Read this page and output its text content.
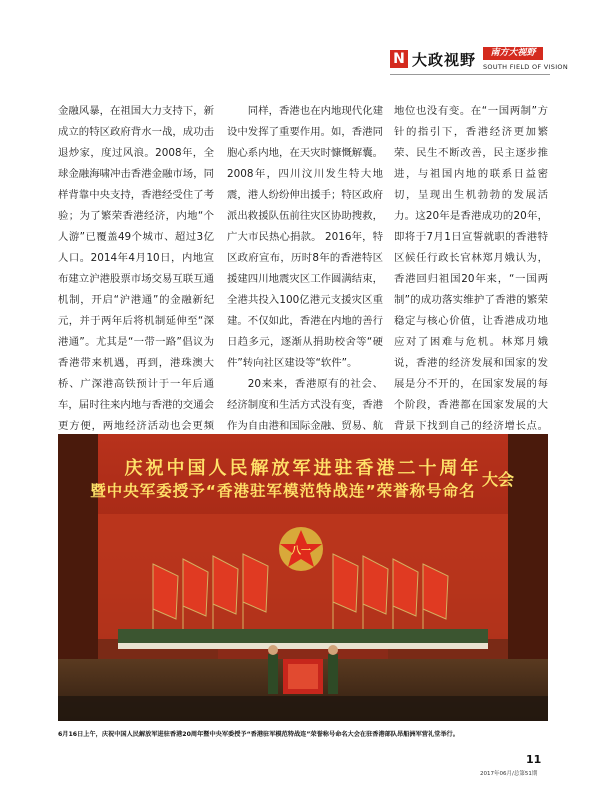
N 大政视野	南方大视野
SOUTH FIELD OF VISION

金融风暴，在祖国大力支持下，新成立的特区政府背水一战，成功击退炒家，度过风浪。2008年，全球金融海啸冲击香港金融市场，同样背靠中央支持，香港经受住了考验；为了繁荣香港经济，内地“个人游”已覆盖49个城市、超过3亿人口。2014年4月10日，内地宣布建立沪港股票市场交易互联互通机制，开启“沪港通”的金融新纪元，并于两年后将机制延伸至“深港通”。尤其是“一带一路”倡议为香港带来机遇，再到，港珠澳大桥、广深港高铁预计于一年后通车，届时往来内地与香港的交通会更方便，两地经济活动也会更频

同样，香港也在内地现代化建设中发挥了重要作用。如，香港同胞心系内地，在天灾时慷慨解囊。2008年，四川汶川发生特大地震，港人纷纷伸出援手；特区政府派出救援队伍前往灾区协助搜救，广大市民热心捐款。 2016年，特区政府宣布，历时8年的香港特区援建四川地震灾区工作圆满结束，全港共投入100亿港元支援灾区重建。不仅如此，香港在内地的善行日趋多元，逐渐从捐助校舍等“硬件”转向社区建设等“软件”。

20来来，香港原有的社会、经济制度和生活方式没有变，香港作为自由港和国际金融、贸易、航

地位也没有变。在“一国两制”方针的指引下，香港经济更加繁荣、民生不断改善，民主逐步推进，与祖国内地的联系日益密切，呈现出生机勃勃的发展活力。这20年是香港成功的20年，即将于7月1日宣誓就职的香港特区候任行政长官林郑月娥认为，香港回归祖国20年来，“一国两制”的成功落实维护了香港的繁荣稳定与核心价值，让香港成功地应对了困难与危机。林郑月娥说，香港的经济发展和国家的发展是分不开的，在国家发展的每个阶段，香港都在国家发展的大背景下找到自己的经济增长点。

八一
庆祝中国人民解放军进驻香港二十周年
暨中央军委授予“香港驻军模范特战连”荣誉称号命名
大会
6月16日上午，庆祝中国人民解放军进驻香港20周年暨中央军委授予“香港驻军模范特战连”荣誉称号命名大会在驻香港部队昂船洲军营礼堂举行。
11
2017年06月/总第51期
